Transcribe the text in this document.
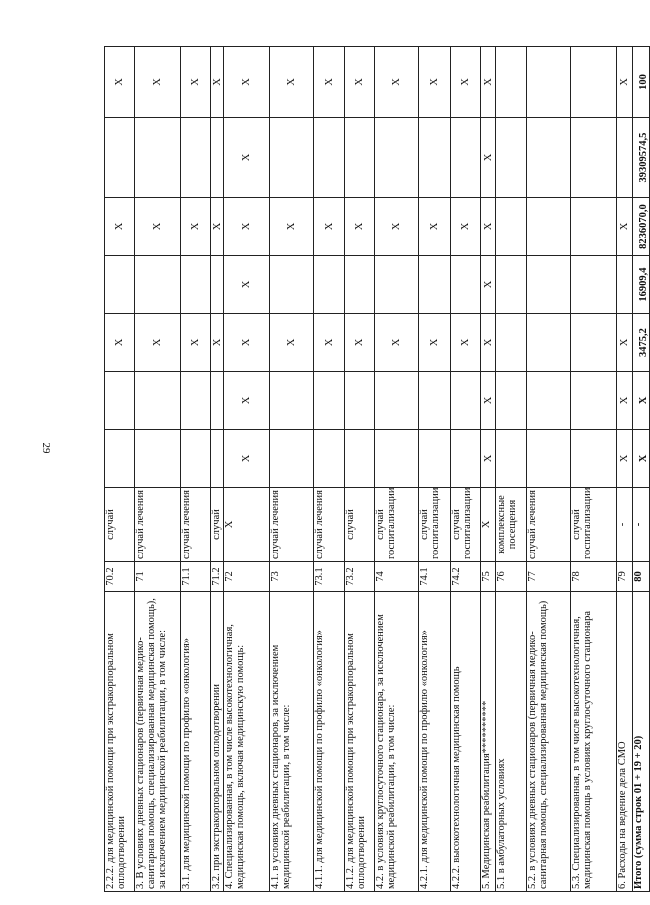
29
2.2.2. для медицинской помощи при экстракорпоральном оплодотворении	70.2	случай			Х		Х		Х
3. В условиях дневных стационаров (первичная медико-санитарная помощь, специализированная медицинская помощь), за исключением медицинской реабилитации, в том числе:	71	случай лечения			Х		Х		Х
3.1. для медицинской помощи по профилю «онкология»	71.1	случай лечения			Х		Х		Х
3.2. при экстракорпоральном оплодотворении	71.2	случай			Х		Х		Х
4. Специализированная, в том числе высокотехнологичная, медицинская помощь, включая медицинскую помощь:	72	Х	Х	Х	Х	Х	Х	Х	Х
4.1. в условиях дневных стационаров, за исключением медицинской реабилитации, в том числе:	73	случай лечения			Х		Х		Х
4.1.1. для медицинской помощи по профилю «онкология»	73.1	случай лечения			Х		Х		Х
4.1.2. для медицинской помощи при экстракорпоральном оплодотворении	73.2	случай			Х		Х		Х
4.2. в условиях круглосуточного стационара, за исключением медицинской реабилитации, в том числе:	74	случай госпитализации			Х		Х		Х
4.2.1. для медицинской помощи по профилю «онкология»	74.1	случай госпитализации			Х		Х		Х
4.2.2. высокотехнологичная медицинская помощь	74.2	случай госпитализации			Х		Х		Х
5. Медицинская реабилитация**********	75	Х	Х	Х	Х	Х	Х	Х	Х
5.1 в амбулаторных условиях	76	комплексные посещения							
5.2. в условиях дневных стационаров (первичная медико-санитарная помощь, специализированная медицинская помощь)	77	случай лечения							
5.3. Специализированная, в том числе высокотехнологичная, медицинская помощь в условиях круглосуточного стационара	78	случай госпитализации							
6. Расходы на ведение дела СМО	79	-	Х	Х	Х		Х		Х
Итого (сумма строк 01 + 19 + 20)	80	-	Х	Х	3475,2	16909,4	8236070,0	39309574,5	100
